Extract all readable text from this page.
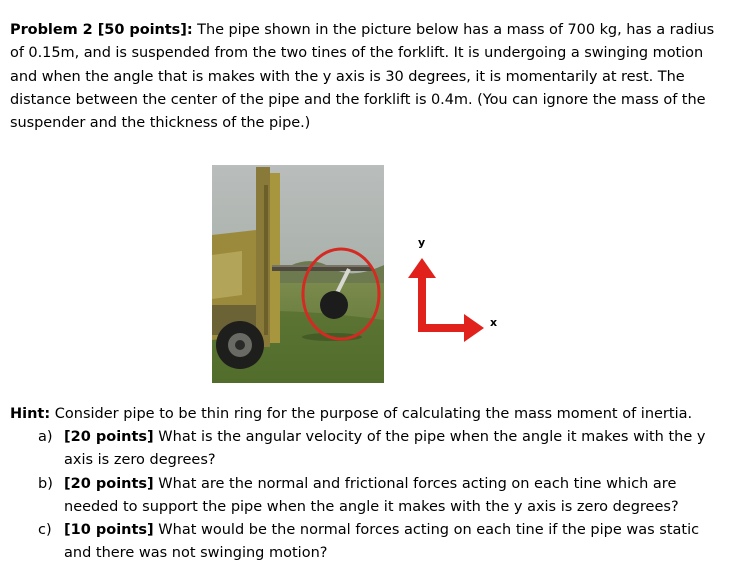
Problem 2 [50 points]: The pipe shown in the picture below has a mass of 700 kg, has a radius of 0.15m, and is suspended from the two tines of the forklift. It is undergoing a swinging motion and when the angle that is makes with the y axis is 30 degrees, it is momentarily at rest. The distance between the center of the pipe and the forklift is 0.4m. (You can ignore the mass of the suspender and the thickness of the pipe.)
y
x
Hint: Consider pipe to be thin ring for the purpose of calculating the mass moment of inertia.

a) [20 points] What is the angular velocity of the pipe when the angle it makes with the y axis is zero degrees?

b) [20 points] What are the normal and frictional forces acting on each tine which are needed to support the pipe when the angle it makes with the y axis is zero degrees?

c) [10 points] What would be the normal forces acting on each tine if the pipe was static and there was not swinging motion?
